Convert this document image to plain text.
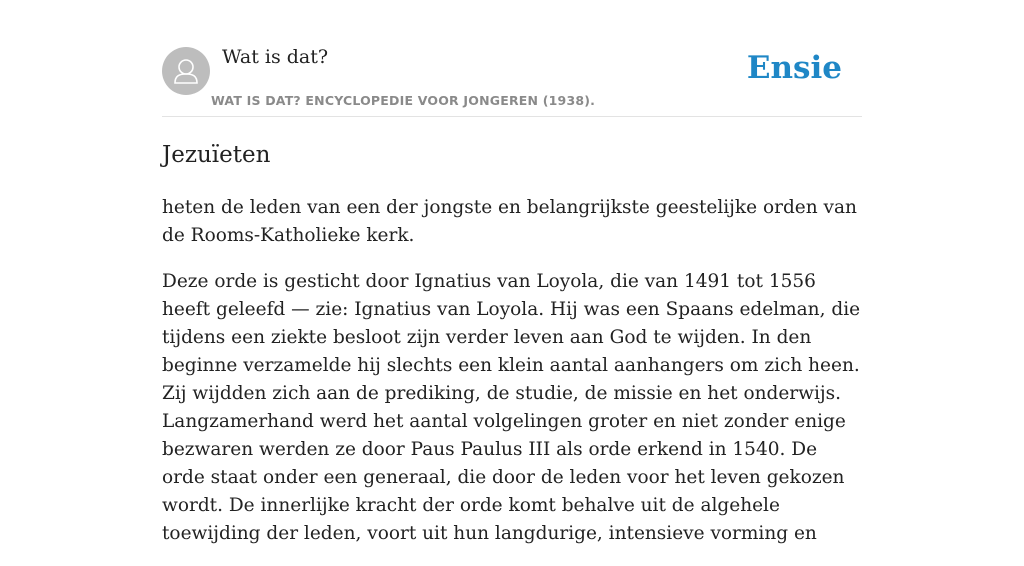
Wat is dat?
WAT IS DAT? ENCYCLOPEDIE VOOR JONGEREN (1938).
Ensie
Jezuïeten

heten de leden van een der jongste en belangrijkste geestelijke orden van de Rooms-Katholieke kerk.

Deze orde is gesticht door Ignatius van Loyola, die van 1491 tot 1556 heeft geleefd — zie: Ignatius van Loyola. Hij was een Spaans edelman, die tijdens een ziekte besloot zijn verder leven aan God te wijden. In den beginne verzamelde hij slechts een klein aantal aanhangers om zich heen. Zij wijdden zich aan de prediking, de studie, de missie en het onderwijs. Langzamerhand werd het aantal volgelingen groter en niet zonder enige bezwaren werden ze door Paus Paulus III als orde erkend in 1540. De orde staat onder een generaal, die door de leden voor het leven gekozen wordt. De innerlijke kracht der orde komt behalve uit de algehele toewijding der leden, voort uit hun langdurige, intensieve vorming en
